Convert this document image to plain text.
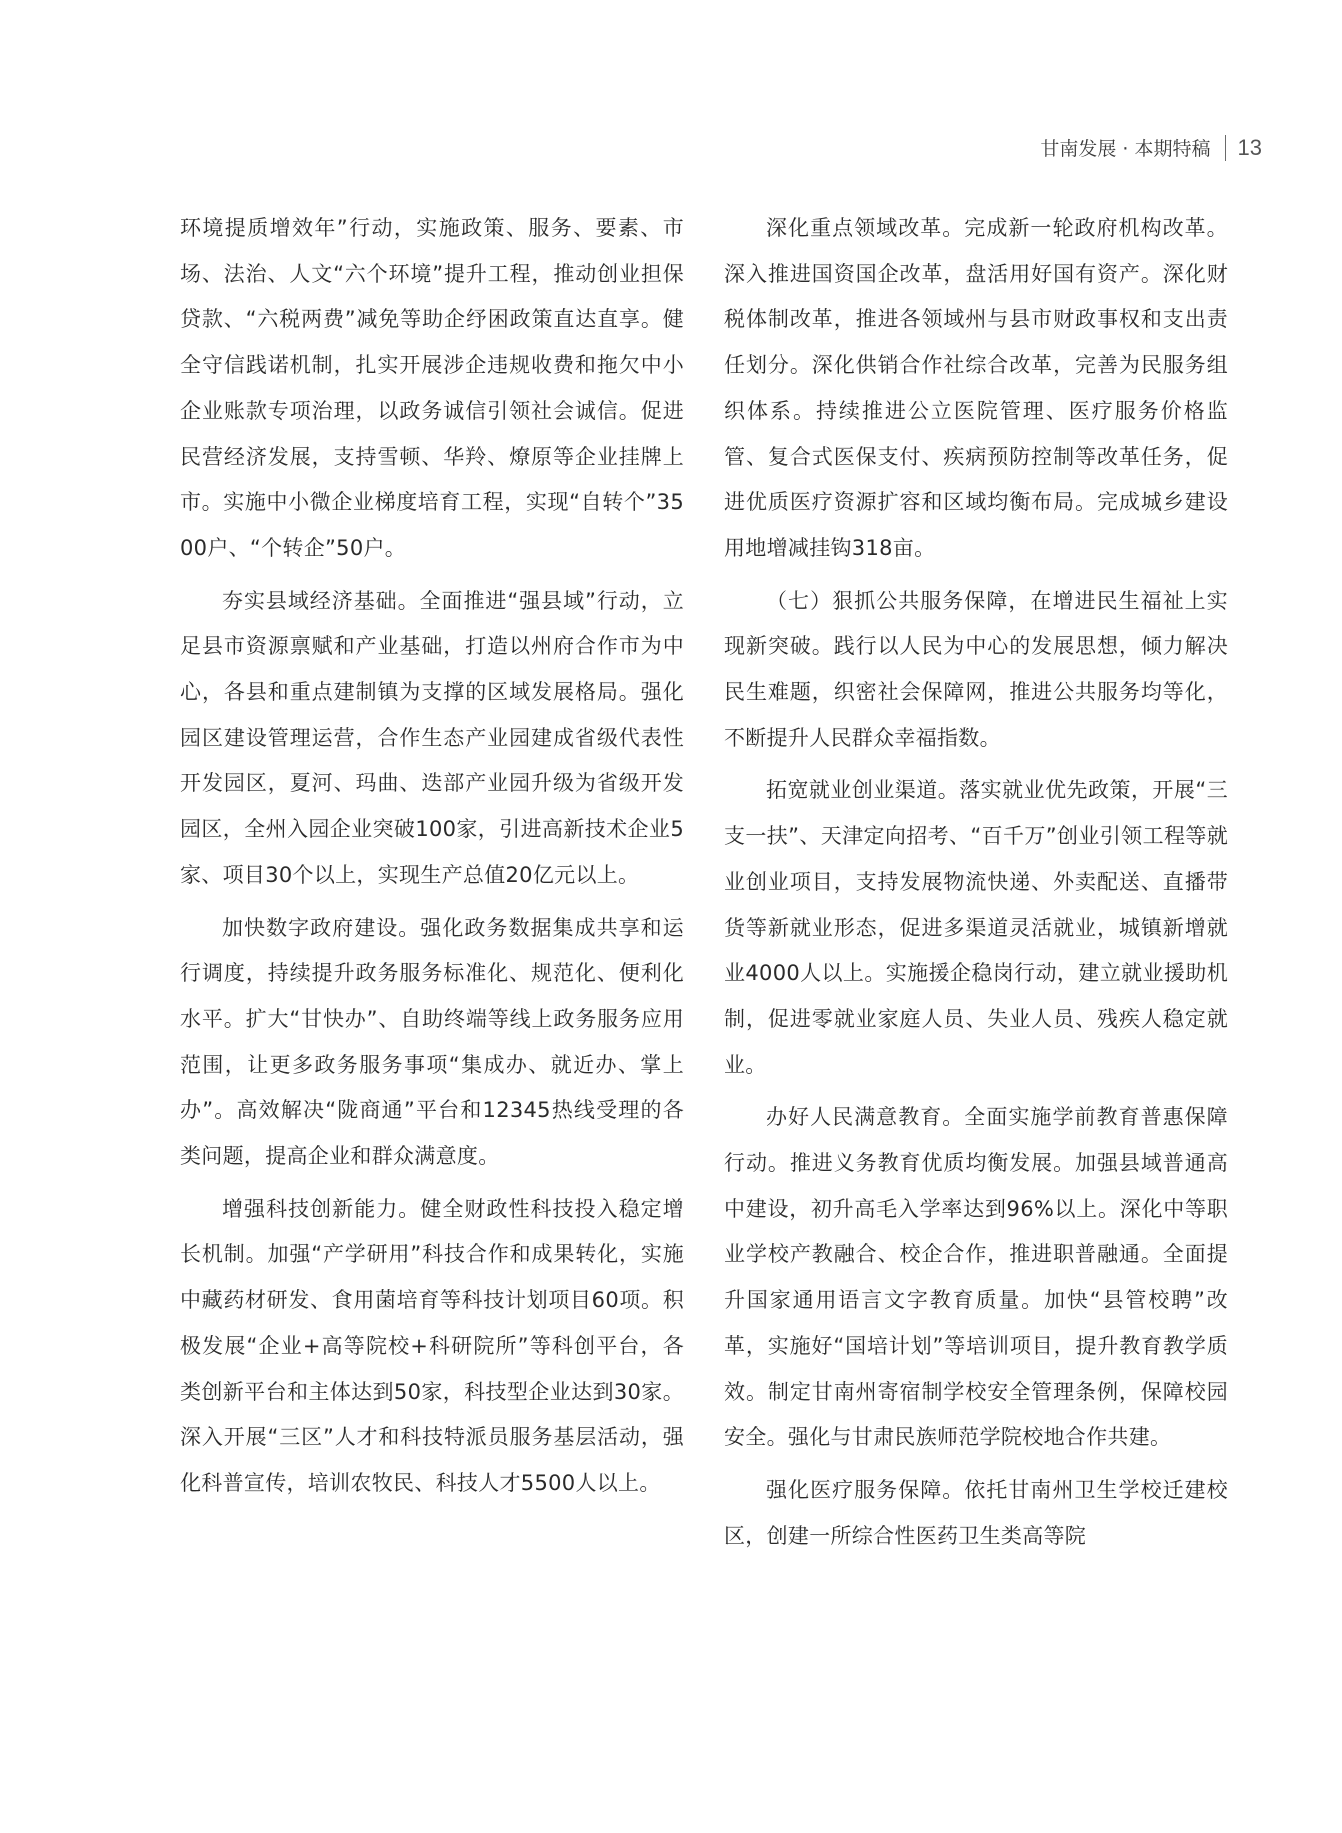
甘南发展 · 本期特稿 13

环境提质增效年”行动，实施政策、服务、要素、市场、法治、人文“六个环境”提升工程，推动创业担保贷款、“六税两费”减免等助企纾困政策直达直享。健全守信践诺机制，扎实开展涉企违规收费和拖欠中小企业账款专项治理，以政务诚信引领社会诚信。促进民营经济发展，支持雪顿、华羚、燎原等企业挂牌上市。实施中小微企业梯度培育工程，实现“自转个”3500户、“个转企”50户。

夯实县域经济基础。全面推进“强县域”行动，立足县市资源禀赋和产业基础，打造以州府合作市为中心，各县和重点建制镇为支撑的区域发展格局。强化园区建设管理运营，合作生态产业园建成省级代表性开发园区，夏河、玛曲、迭部产业园升级为省级开发园区，全州入园企业突破100家，引进高新技术企业5家、项目30个以上，实现生产总值20亿元以上。

加快数字政府建设。强化政务数据集成共享和运行调度，持续提升政务服务标准化、规范化、便利化水平。扩大“甘快办”、自助终端等线上政务服务应用范围，让更多政务服务事项“集成办、就近办、掌上办”。高效解决“陇商通”平台和12345热线受理的各类问题，提高企业和群众满意度。

增强科技创新能力。健全财政性科技投入稳定增长机制。加强“产学研用”科技合作和成果转化，实施中藏药材研发、食用菌培育等科技计划项目60项。积极发展“企业+高等院校+科研院所”等科创平台，各类创新平台和主体达到50家，科技型企业达到30家。深入开展“三区”人才和科技特派员服务基层活动，强化科普宣传，培训农牧民、科技人才5500人以上。

深化重点领域改革。完成新一轮政府机构改革。深入推进国资国企改革，盘活用好国有资产。深化财税体制改革，推进各领域州与县市财政事权和支出责任划分。深化供销合作社综合改革，完善为民服务组织体系。持续推进公立医院管理、医疗服务价格监管、复合式医保支付、疾病预防控制等改革任务，促进优质医疗资源扩容和区域均衡布局。完成城乡建设用地增减挂钩318亩。

（七）狠抓公共服务保障，在增进民生福祉上实现新突破。践行以人民为中心的发展思想，倾力解决民生难题，织密社会保障网，推进公共服务均等化，不断提升人民群众幸福指数。

拓宽就业创业渠道。落实就业优先政策，开展“三支一扶”、天津定向招考、“百千万”创业引领工程等就业创业项目，支持发展物流快递、外卖配送、直播带货等新就业形态，促进多渠道灵活就业，城镇新增就业4000人以上。实施援企稳岗行动，建立就业援助机制，促进零就业家庭人员、失业人员、残疾人稳定就业。

办好人民满意教育。全面实施学前教育普惠保障行动。推进义务教育优质均衡发展。加强县域普通高中建设，初升高毛入学率达到96%以上。深化中等职业学校产教融合、校企合作，推进职普融通。全面提升国家通用语言文字教育质量。加快“县管校聘”改革，实施好“国培计划”等培训项目，提升教育教学质效。制定甘南州寄宿制学校安全管理条例，保障校园安全。强化与甘肃民族师范学院校地合作共建。

强化医疗服务保障。依托甘南州卫生学校迁建校区，创建一所综合性医药卫生类高等院
